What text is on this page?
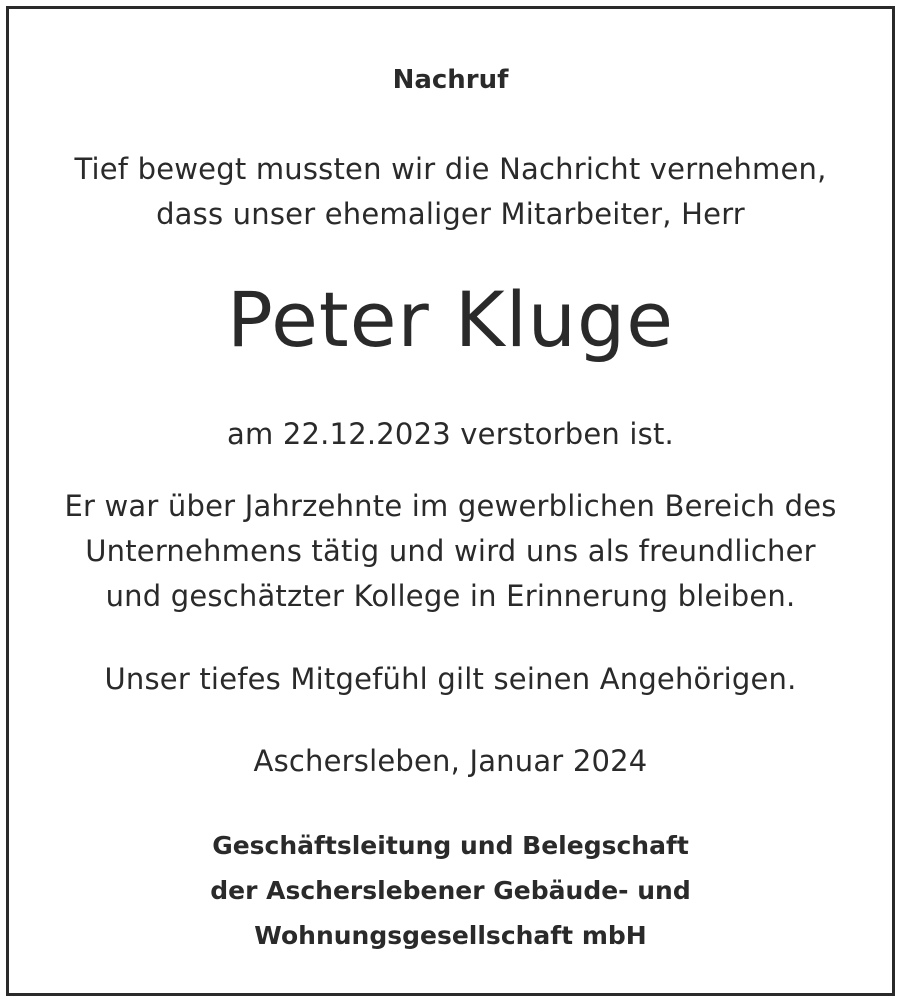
Nachruf
Tief bewegt mussten wir die Nachricht vernehmen,
dass unser ehemaliger Mitarbeiter, Herr
Peter Kluge
am 22.12.2023 verstorben ist.
Er war über Jahrzehnte im gewerblichen Bereich des
Unternehmens tätig und wird uns als freundlicher
und geschätzter Kollege in Erinnerung bleiben.
Unser tiefes Mitgefühl gilt seinen Angehörigen.
Aschersleben, Januar 2024
Geschäftsleitung und Belegschaft
der Ascherslebener Gebäude- und
Wohnungsgesellschaft mbH
